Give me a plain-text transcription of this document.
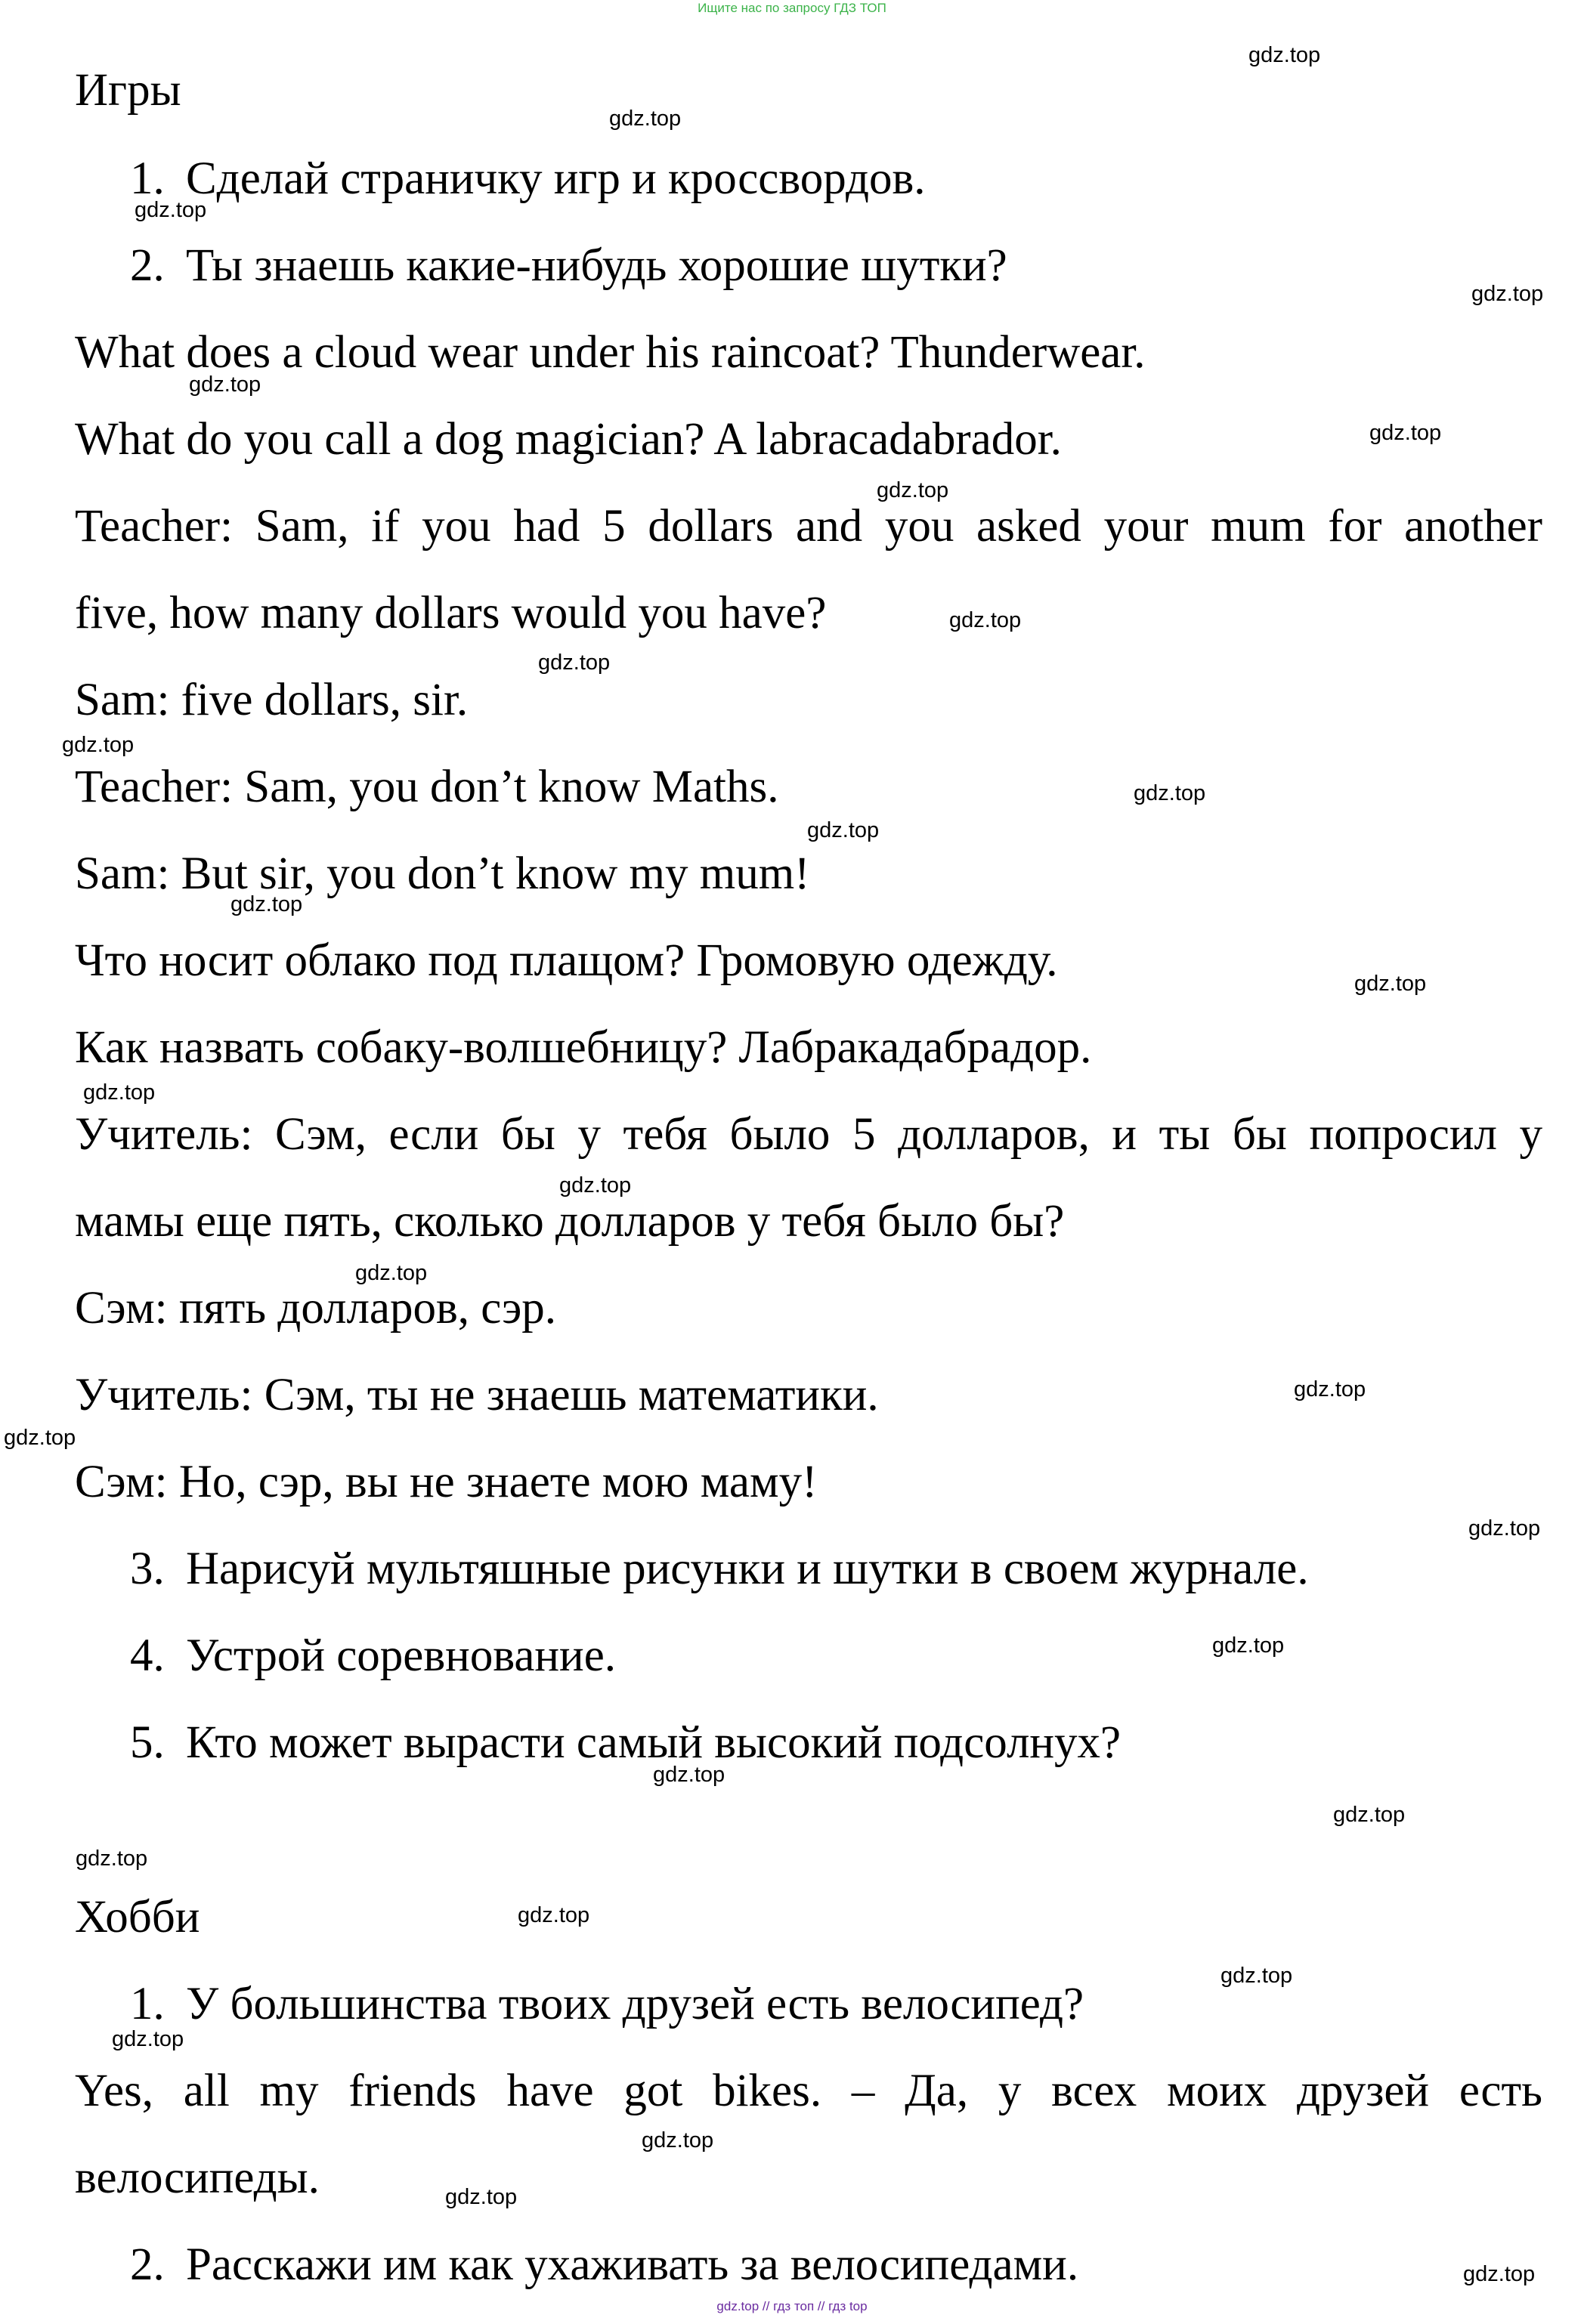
Ищите нас по запросу ГДЗ ТОП
Игры
1. Сделай страничку игр и кроссвордов.
2. Ты знаешь какие-нибудь хорошие шутки?
What does a cloud wear under his raincoat? Thunderwear.
What do you call a dog magician? A labracadabrador.
Teacher: Sam, if you had 5 dollars and you asked your mum for another
five, how many dollars would you have?
Sam: five dollars, sir.
Teacher: Sam, you don’t know Maths.
Sam: But sir, you don’t know my mum!
Что носит облако под плащом? Громовую одежду.
Как назвать собаку-волшебницу? Лабракадабрадор.
Учитель: Сэм, если бы у тебя было 5 долларов, и ты бы попросил у
мамы еще пять, сколько долларов у тебя было бы?
Сэм: пять долларов, сэр.
Учитель: Сэм, ты не знаешь математики.
Сэм: Но, сэр, вы не знаете мою маму!
3. Нарисуй мультяшные рисунки и шутки в своем журнале.
4. Устрой соревнование.
5. Кто может вырасти самый высокий подсолнух?
Хобби
1. У большинства твоих друзей есть велосипед?
Yes, all my friends have got bikes. – Да, у всех моих друзей есть
велосипеды.
2. Расскажи им как ухаживать за велосипедами.
gdz.top
gdz.top
gdz.top
gdz.top
gdz.top
gdz.top
gdz.top
gdz.top
gdz.top
gdz.top
gdz.top
gdz.top
gdz.top
gdz.top
gdz.top
gdz.top
gdz.top
gdz.top
gdz.top
gdz.top
gdz.top
gdz.top
gdz.top
gdz.top
gdz.top
gdz.top
gdz.top
gdz.top
gdz.top
gdz.top
gdz.top // гдз топ // гдз top
